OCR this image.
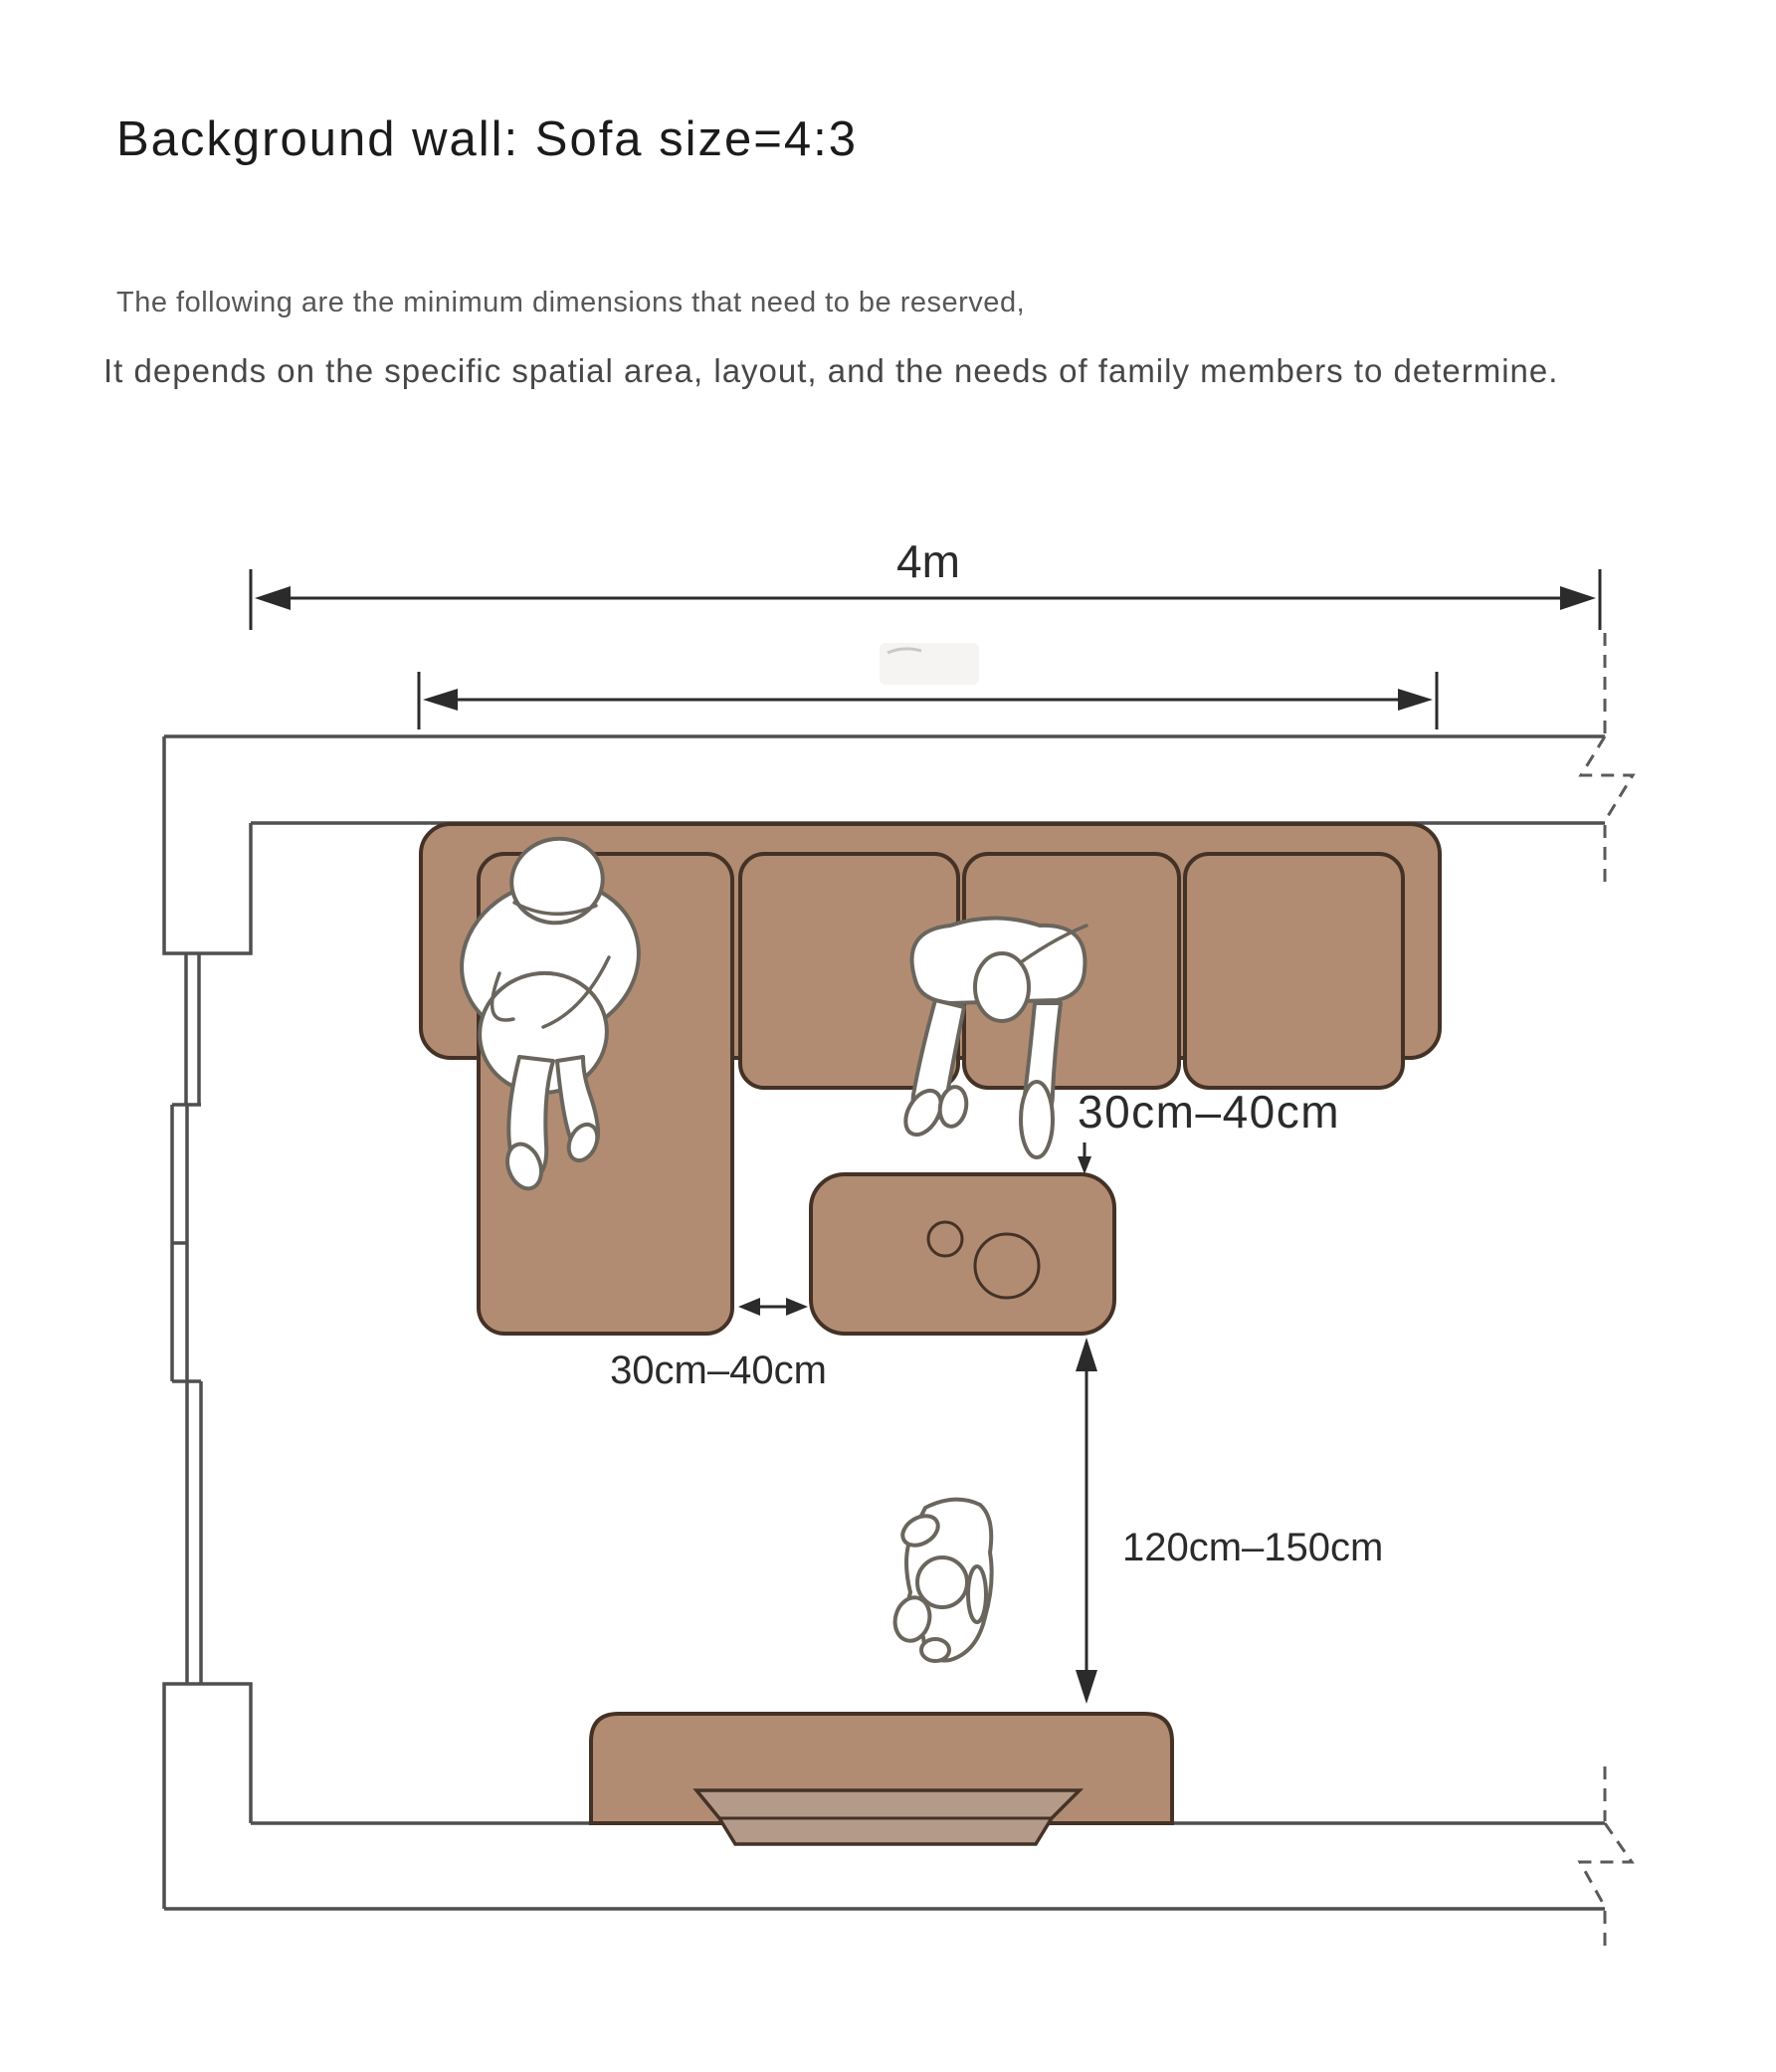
Background wall: Sofa size=4:3
The following are the minimum dimensions that need to be reserved,
It depends on the specific spatial area, layout, and the needs of family members to determine.
4m
30cm–40cm
30cm–40cm
120cm–150cm
